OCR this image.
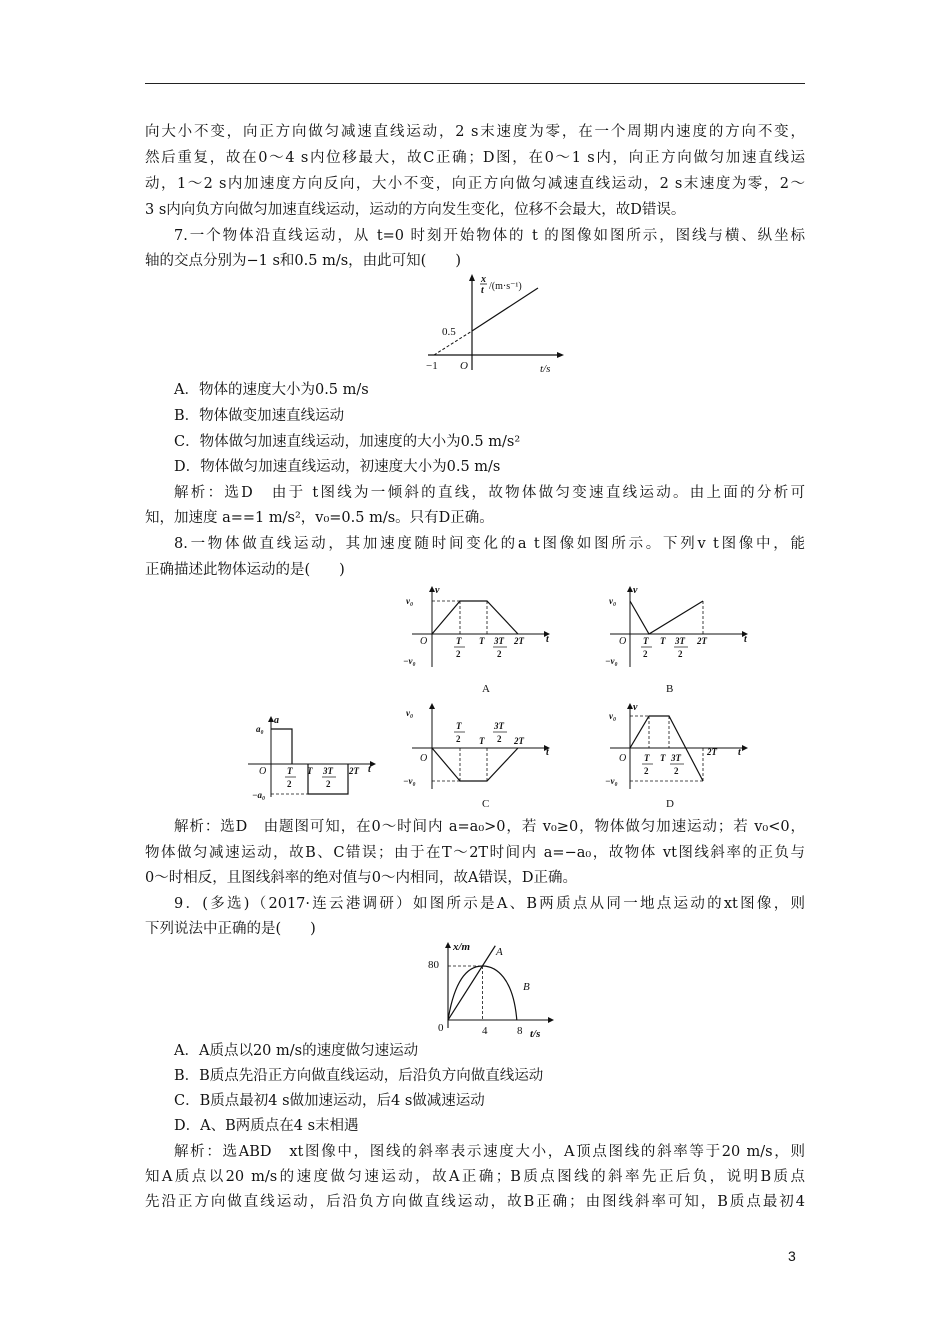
向大小不变，向正方向做匀减速直线运动，2 s末速度为零，在一个周期内速度的方向不变，
然后重复，故在0～4 s内位移最大，故C正确；D图，在0～1 s内，向正方向做匀加速直线运
动，1～2 s内加速度方向反向，大小不变，向正方向做匀减速直线运动，2 s末速度为零，2～
3 s内向负方向做匀加速直线运动，运动的方向发生变化，位移不会最大，故D错误。
7.一个物体沿直线运动，从 t=0 时刻开始物体的 t 的图像如图所示，图线与横、纵坐标
轴的交点分别为−1 s和0.5 m/s，由此可知(　　)
x
t /(m·s⁻¹)
0.5
−1 O	t/s
A．物体的速度大小为0.5 m/s
B．物体做变加速直线运动
C．物体做匀加速直线运动，加速度的大小为0.5 m/s²
D．物体做匀加速直线运动，初速度大小为0.5 m/s
解析：选D　由于 t图线为一倾斜的直线，故物体做匀变速直线运动。由上面的分析可
知，加速度 a==1 m/s²，v₀=0.5 m/s。只有D正确。
8.一物体做直线运动，其加速度随时间变化的a t图像如图所示。下列v t图像中，能
正确描述此物体运动的是(　　)
v
v₀
−v₀
O	T
2
T 3T
2
2T t
A
v
v₀
−v₀
O T
2
T 3T
2
2T	t
B
a
a₀
−a₀
O T
2
T 3T
2
2T t
v₀
−v₀
O
T
2 T
3T
2 2T
t
C
v
v₀
−v₀
O T
2
T 3T
2
2T t
D
解析：选D　由题图可知，在0～时间内 a=a₀>0，若 v₀≥0，物体做匀加速运动；若 v₀<0，
物体做匀减速运动，故B、C错误；由于在T～2T时间内 a=−a₀，故物体 vt图线斜率的正负与
0～时相反，且图线斜率的绝对值与0～内相同，故A错误，D正确。
9．(多选)（2017·连云港调研）如图所示是A、B两质点从同一地点运动的xt图像，则
下列说法中正确的是(　　)
x/m
80
0	4	8 t/s
A
B
A．A质点以20 m/s的速度做匀速运动
B．B质点先沿正方向做直线运动，后沿负方向做直线运动
C．B质点最初4 s做加速运动，后4 s做减速运动
D．A、B两质点在4 s末相遇
解析：选ABD　xt图像中，图线的斜率表示速度大小，A顶点图线的斜率等于20 m/s，则
知A质点以20 m/s的速度做匀速运动，故A正确；B质点图线的斜率先正后负，说明B质点
先沿正方向做直线运动，后沿负方向做直线运动，故B正确；由图线斜率可知，B质点最初4
3
